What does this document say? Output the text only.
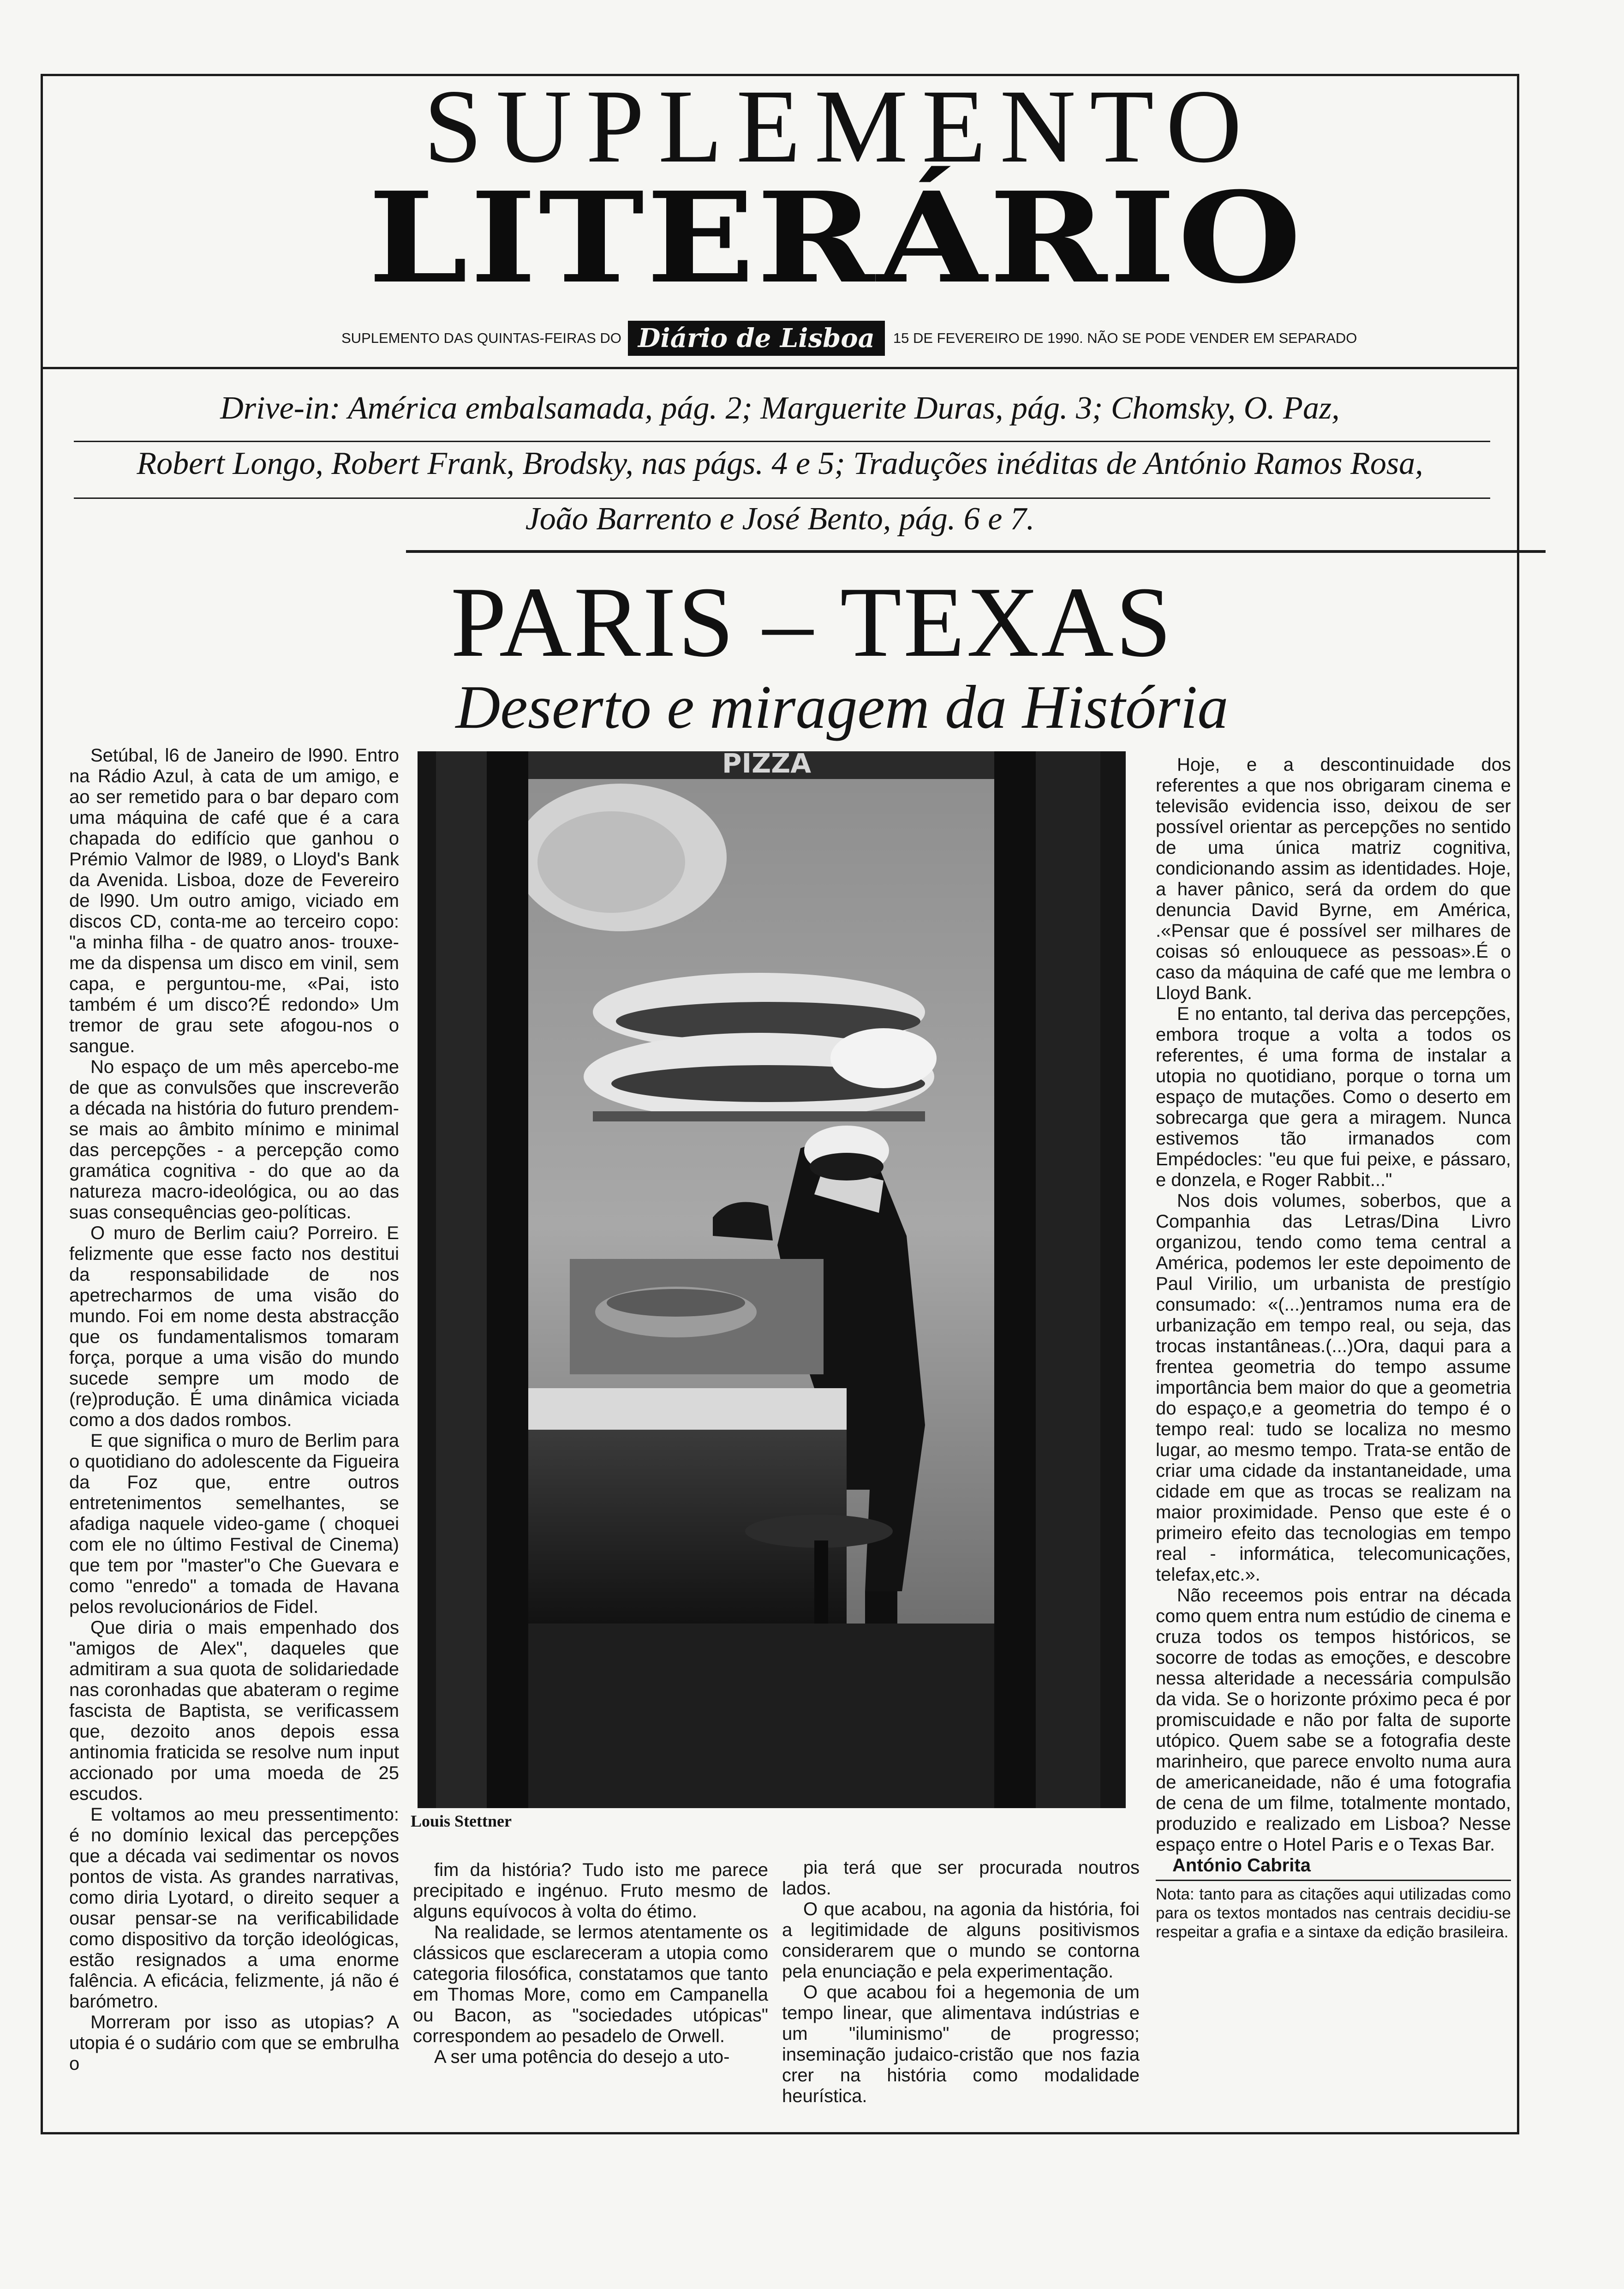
SUPLEMENTO
LITERÁRIO
SUPLEMENTO DAS QUINTAS-FEIRAS DO Diário de Lisboa	15 DE FEVEREIRO DE 1990. NÃO SE PODE VENDER EM SEPARADO
Drive-in: América embalsamada, pág. 2; Marguerite Duras, pág. 3; Chomsky, O. Paz,
Robert Longo, Robert Frank, Brodsky, nas págs. 4 e 5; Traduções inéditas de António Ramos Rosa,
João Barrento e José Bento, pág. 6 e 7.
PARIS – TEXAS
Deserto e miragem da História

Setúbal, l6 de Janeiro de l990. Entro na Rádio Azul, à cata de um amigo, e ao ser remetido para o bar deparo com uma máquina de café que é a cara chapada do edifício que ganhou o Prémio Valmor de l989, o Lloyd's Bank da Avenida. Lisboa, doze de Fevereiro de l990. Um outro amigo, viciado em discos CD, conta-me ao terceiro copo: "a minha filha - de quatro anos- trouxe-me da dispensa um disco em vinil, sem capa, e perguntou-me, «Pai, isto também é um disco?É redondo» Um tremor de grau sete afogou-nos o sangue.

No espaço de um mês apercebo-me de que as convulsões que inscreverão a década na história do futuro prendem-se mais ao âmbito mínimo e minimal das percepções - a percepção como gramática cognitiva - do que ao da natureza macro-ideológica, ou ao das suas consequências geo-políticas.

O muro de Berlim caiu? Porreiro. E felizmente que esse facto nos destitui da responsabilidade de nos apetrecharmos de uma visão do mundo. Foi em nome desta abstracção que os fundamentalismos tomaram força, porque a uma visão do mundo sucede sempre um modo de (re)produção. É uma dinâmica viciada como a dos dados rombos.

E que significa o muro de Berlim para o quotidiano do adolescente da Figueira da Foz que, entre outros entretenimentos semelhantes, se afadiga naquele video-game ( choquei com ele no último Festival de Cinema) que tem por "master"o Che Guevara e como "enredo" a tomada de Havana pelos revolucionários de Fidel.

Que diria o mais empenhado dos "amigos de Alex", daqueles que admitiram a sua quota de solidariedade nas coronhadas que abateram o regime fascista de Baptista, se verificassem que, dezoito anos depois essa antinomia fraticida se resolve num input accionado por uma moeda de 25 escudos.

E voltamos ao meu pressentimento: é no domínio lexical das percepções que a década vai sedimentar os novos pontos de vista. As grandes narrativas, como diria Lyotard, o direito sequer a ousar pensar-se na verificabilidade como dispositivo da torção ideológicas, estão resignados a uma enorme falência. A eficácia, felizmente, já não é barómetro.

Morreram por isso as utopias? A utopia é o sudário com que se embrulha o

PIZZA
Louis Stettner

fim da história? Tudo isto me parece precipitado e ingénuo. Fruto mesmo de alguns equívocos à volta do étimo.

Na realidade, se lermos atentamente os clássicos que esclareceram a utopia como categoria filosófica, constatamos que tanto em Thomas More, como em Campanella ou Bacon, as "sociedades utópicas" correspondem ao pesadelo de Orwell.

A ser uma potência do desejo a uto-

pia terá que ser procurada noutros lados.

O que acabou, na agonia da história, foi a legitimidade de alguns positivismos considerarem que o mundo se contorna pela enunciação e pela experimentação.

O que acabou foi a hegemonia de um tempo linear, que alimentava indústrias e um "iluminismo" de progresso; inseminação judaico-cristão que nos fazia crer na história como modalidade heurística.

Hoje, e a descontinuidade dos referentes a que nos obrigaram cinema e televisão evidencia isso, deixou de ser possível orientar as percepções no sentido de uma única matriz cognitiva, condicionando assim as identidades. Hoje, a haver pânico, será da ordem do que denuncia David Byrne, em América, .«Pensar que é possível ser milhares de coisas só enlouquece as pessoas».É o caso da máquina de café que me lembra o Lloyd Bank.

E no entanto, tal deriva das percepções, embora troque a volta a todos os referentes, é uma forma de instalar a utopia no quotidiano, porque o torna um espaço de mutações. Como o deserto em sobrecarga que gera a miragem. Nunca estivemos tão irmanados com Empédocles: "eu que fui peixe, e pássaro, e donzela, e Roger Rabbit..."

Nos dois volumes, soberbos, que a Companhia das Letras/Dina Livro organizou, tendo como tema central a América, podemos ler este depoimento de Paul Virilio, um urbanista de prestígio consumado: «(...)entramos numa era de urbanização em tempo real, ou seja, das trocas instantâneas.(...)Ora, daqui para a frentea geometria do tempo assume importância bem maior do que a geometria do espaço,e a geometria do tempo é o tempo real: tudo se localiza no mesmo lugar, ao mesmo tempo. Trata-se então de criar uma cidade da instantaneidade, uma cidade em que as trocas se realizam na maior proximidade. Penso que este é o primeiro efeito das tecnologias em tempo real - informática, telecomunicações, telefax,etc.».

Não receemos pois entrar na década como quem entra num estúdio de cinema e cruza todos os tempos históricos, se socorre de todas as emoções, e descobre nessa alteridade a necessária compulsão da vida. Se o horizonte próximo peca é por promiscuidade e não por falta de suporte utópico. Quem sabe se a fotografia deste marinheiro, que parece envolto numa aura de americaneidade, não é uma fotografia de cena de um filme, totalmente montado, produzido e realizado em Lisboa? Nesse espaço entre o Hotel Paris e o Texas Bar.

António Cabrita

Nota: tanto para as citações aqui utilizadas como para os textos montados nas centrais decidiu-se respeitar a grafia e a sintaxe da edição brasileira.
